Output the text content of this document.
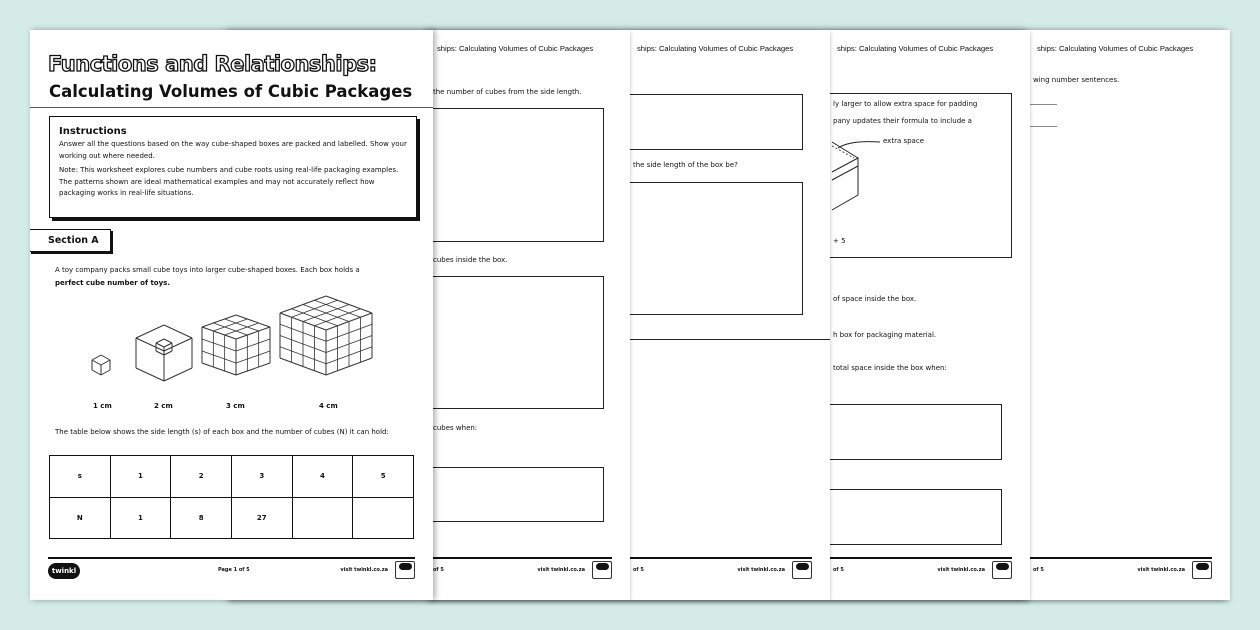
ships: Calculating Volumes of Cubic Packages
wing number sentences.
of 5	visit twinkl.co.za
ships: Calculating Volumes of Cubic Packages
ly larger to allow extra space for padding
pany updates their formula to include a
extra space
+ 5
of space inside the box.
h box for packaging material.
total space inside the box when:
of 5	visit twinkl.co.za
ships: Calculating Volumes of Cubic Packages
the side length of the box be?
of 5	visit twinkl.co.za
ships: Calculating Volumes of Cubic Packages
the number of cubes from the side length.
cubes inside the box.
cubes when:
of 5	visit twinkl.co.za
Functions and Relationships:
Calculating Volumes of Cubic Packages
Instructions

Answer all the questions based on the way cube-shaped boxes are packed and labelled. Show your working out where needed.

Note: This worksheet explores cube numbers and cube roots using real-life packaging examples. The patterns shown are ideal mathematical examples and may not accurately reflect how packaging works in real-life situations.

Section A
A toy company packs small cube toys into larger cube-shaped boxes. Each box holds a
perfect cube number of toys.
1 cm	2 cm	3 cm	4 cm
The table below shows the side length (s) of each box and the number of cubes (N) it can hold:
s	1	2	3	4	5
N	1	8	27		
twinkl	Page 1 of 5	visit twinkl.co.za
